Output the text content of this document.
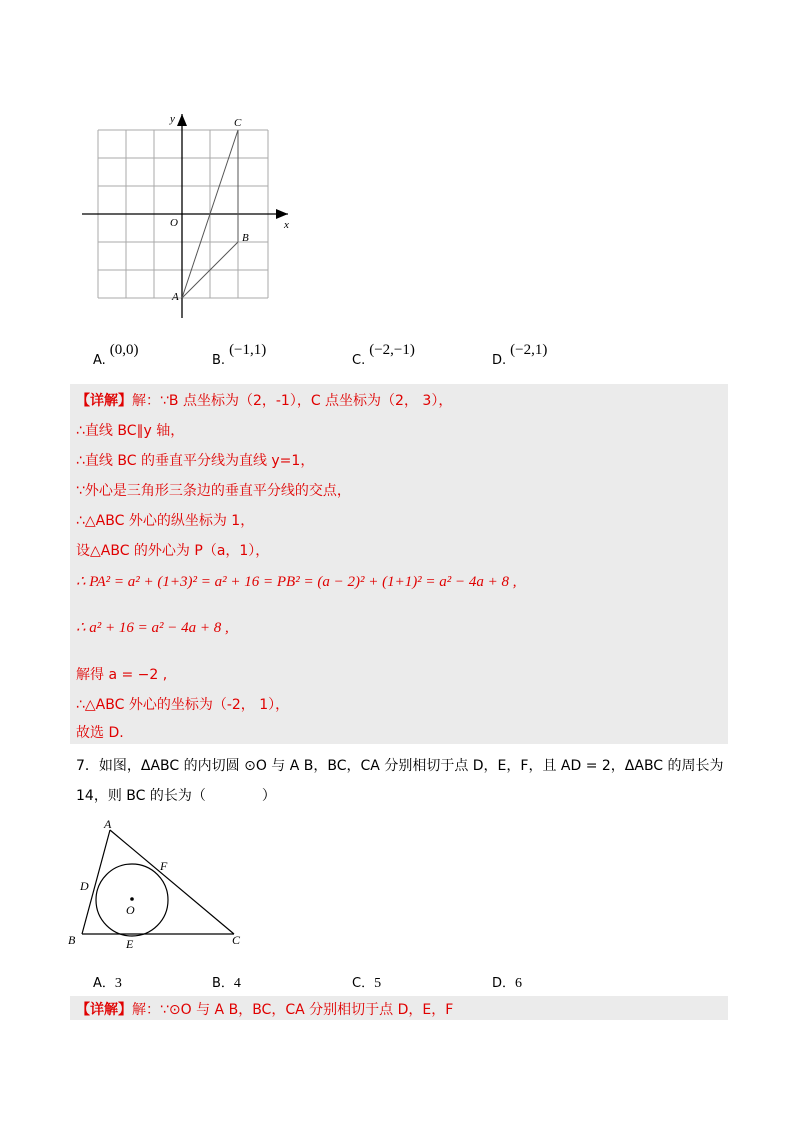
y
x
O
A
B
C
A.(0,0)
B.(−1,1)
C.(−2,−1)
D.(−2,1)
【详解】解：∵B 点坐标为（2，-1），C 点坐标为（2， 3），
∴直线 BC∥y 轴，
∴直线 BC 的垂直平分线为直线 y=1，
∵外心是三角形三条边的垂直平分线的交点，
∴△ABC 外心的纵坐标为 1，
设△ABC 的外心为 P（a，1），
∴ PA² = a² + (1+3)² = a² + 16 = PB² = (a − 2)² + (1+1)² = a² − 4a + 8 ,
∴ a² + 16 = a² − 4a + 8 ,
解得 a = −2 ,
∴△ABC 外心的坐标为（-2， 1），
故选 D.
7．如图，ΔABC 的内切圆 ⊙O 与 A B，BC，CA 分别相切于点 D，E，F，且 AD = 2，ΔABC 的周长为
14，则 BC 的长为（　　　　）
A
B	C
D
E
F
O
A．3	B．4	C．5	D．6
【详解】解：∵⊙O 与 A B，BC，CA 分别相切于点 D，E，F
